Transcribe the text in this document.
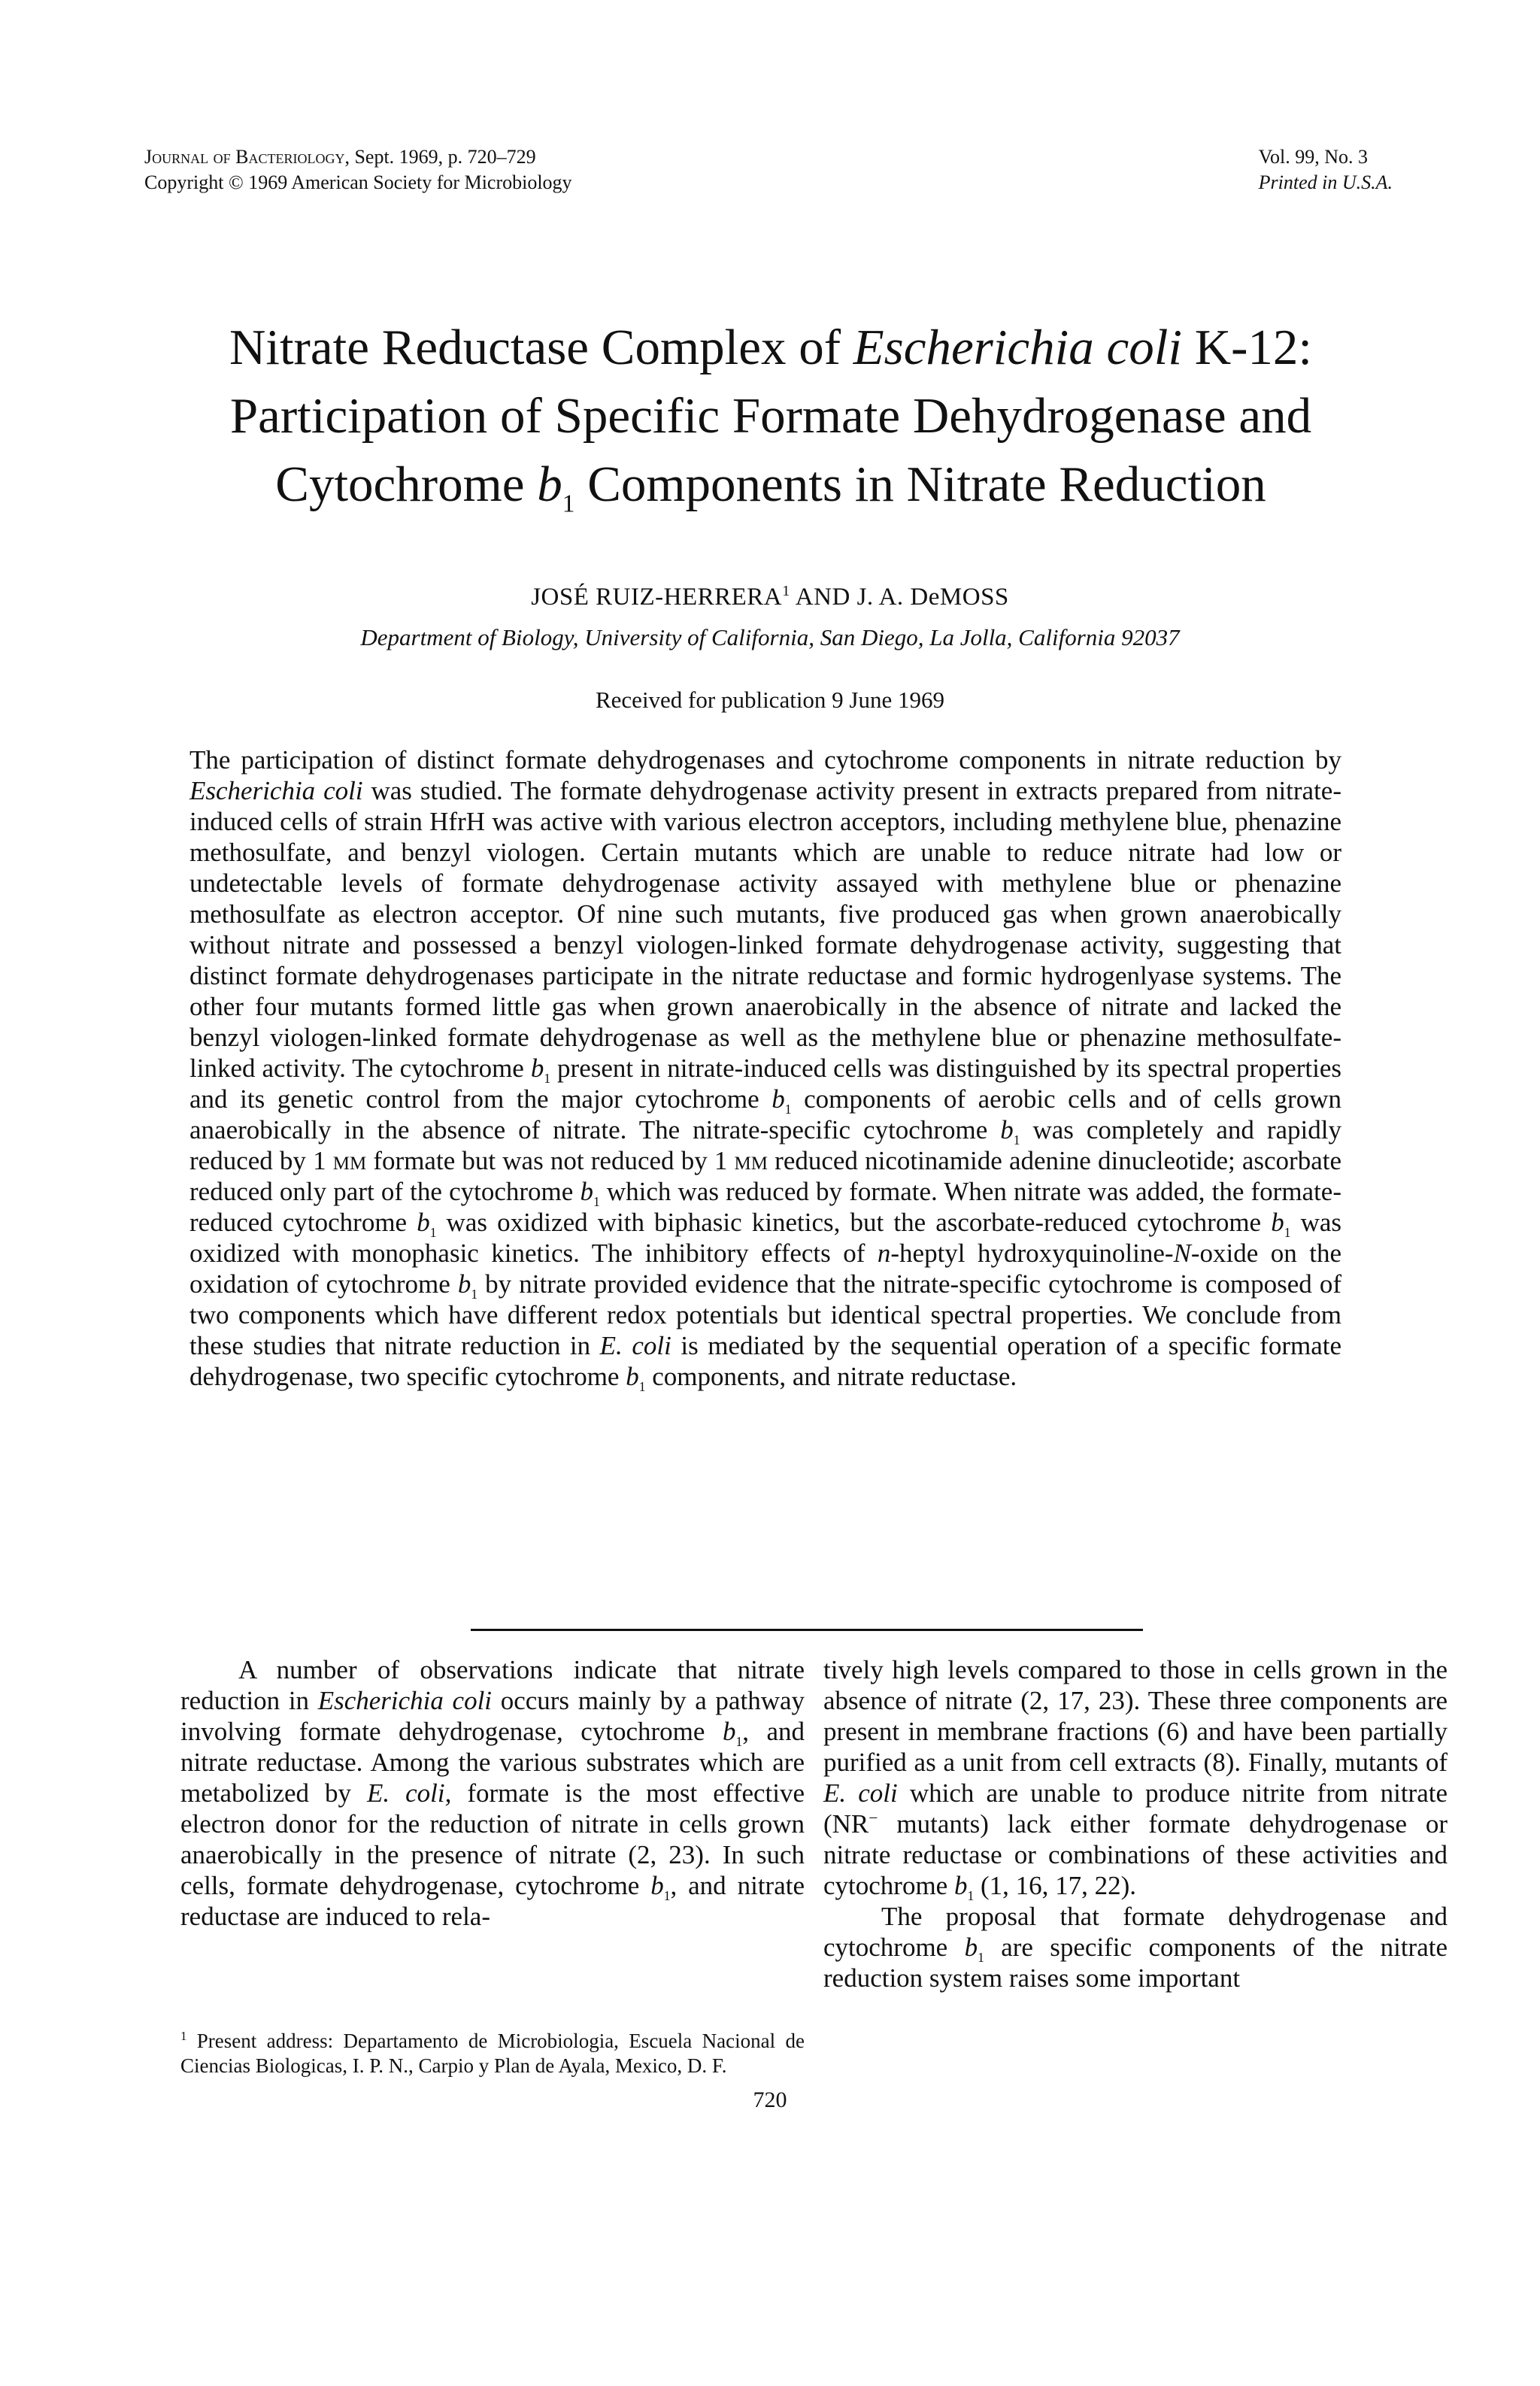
Journal of Bacteriology, Sept. 1969, p. 720–729
Copyright © 1969 American Society for Microbiology
Vol. 99, No. 3
Printed in U.S.A.
Nitrate Reductase Complex of Escherichia coli K-12: Participation of Specific Formate Dehydrogenase and Cytochrome $b_1$ Components in Nitrate Reduction
JOSÉ RUIZ-HERRERA$^1$ AND J. A. DeMOSS
Department of Biology, University of California, San Diego, La Jolla, California 92037
Received for publication 9 June 1969

The participation of distinct formate dehydrogenases and cytochrome components in nitrate reduction by Escherichia coli was studied. The formate dehydrogenase activity present in extracts prepared from nitrate-induced cells of strain HfrH was active with various electron acceptors, including methylene blue, phenazine methosulfate, and benzyl viologen. Certain mutants which are unable to reduce nitrate had low or undetectable levels of formate dehydrogenase activity assayed with methylene blue or phenazine methosulfate as electron acceptor. Of nine such mutants, five produced gas when grown anaerobically without nitrate and possessed a benzyl viologen-linked formate dehydrogenase activity, suggesting that distinct formate dehydrogenases participate in the nitrate reductase and formic hydrogenlyase systems. The other four mutants formed little gas when grown anaerobically in the absence of nitrate and lacked the benzyl viologen-linked formate dehydrogenase as well as the methylene blue or phenazine methosulfate-linked activity. The cytochrome $b_1$ present in nitrate-induced cells was distinguished by its spectral properties and its genetic control from the major cytochrome $b_1$ components of aerobic cells and of cells grown anaerobically in the absence of nitrate. The nitrate-specific cytochrome $b_1$ was completely and rapidly reduced by 1 mm formate but was not reduced by 1 mm reduced nicotinamide adenine dinucleotide; ascorbate reduced only part of the cytochrome $b_1$ which was reduced by formate. When nitrate was added, the formate-reduced cytochrome $b_1$ was oxidized with biphasic kinetics, but the ascorbate-reduced cytochrome $b_1$ was oxidized with monophasic kinetics. The inhibitory effects of n-heptyl hydroxyquinoline-N-oxide on the oxidation of cytochrome $b_1$ by nitrate provided evidence that the nitrate-specific cytochrome is composed of two components which have different redox potentials but identical spectral properties. We conclude from these studies that nitrate reduction in E. coli is mediated by the sequential operation of a specific formate dehydrogenase, two specific cytochrome $b_1$ components, and nitrate reductase.

A number of observations indicate that nitrate reduction in Escherichia coli occurs mainly by a pathway involving formate dehydrogenase, cytochrome $b_1$, and nitrate reductase. Among the various substrates which are metabolized by E. coli, formate is the most effective electron donor for the reduction of nitrate in cells grown anaerobically in the presence of nitrate (2, 23). In such cells, formate dehydrogenase, cytochrome $b_1$, and nitrate reductase are induced to rela-

tively high levels compared to those in cells grown in the absence of nitrate (2, 17, 23). These three components are present in membrane fractions (6) and have been partially purified as a unit from cell extracts (8). Finally, mutants of E. coli which are unable to produce nitrite from nitrate (NR− mutants) lack either formate dehydrogenase or nitrate reductase or combinations of these activities and cytochrome $b_1$ (1, 16, 17, 22).

The proposal that formate dehydrogenase and cytochrome $b_1$ are specific components of the nitrate reduction system raises some important

$^1$ Present address: Departamento de Microbiologia, Escuela Nacional de Ciencias Biologicas, I. P. N., Carpio y Plan de Ayala, Mexico, D. F.

720
